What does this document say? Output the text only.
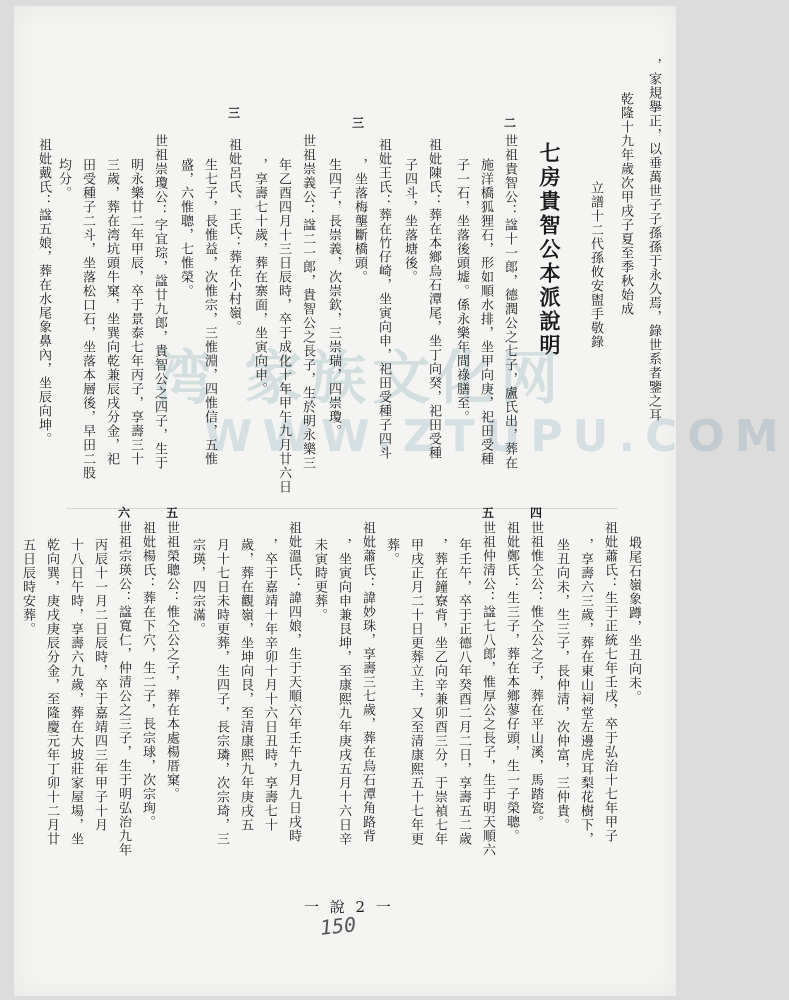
湾 家族文化网
WWW.ZTUPU.COM
，家規擧正，以垂萬世子子孫孫于永久焉，錄世系者鑒之耳
乾隆十九年歲次甲戌子夏至季秋始成
立譜十二代孫攸安盥手敬錄
七房貴智公本派說明
二
世祖貴智公：諡十一郎，德潤公之七子，盧氏出，葬在
施洋橋狐狸石，形如順水排，坐甲向庚，祀田受種
子一石，坐落後頭墟。係永樂年間祿膳至。
祖妣陳氏：葬在本鄉烏石潭尾，坐丁向癸，祀田受種
子四斗，坐落塘後。
祖妣王氏：葬在竹仔崎，坐寅向申，祀田受種子四斗
，坐落梅壟斷橋頭。
生四子，長崇義，次崇欽，三崇瑞，四崇瓊。
三
世祖崇義公：諡二一郎，貴智公之長子，生於明永樂三
年乙酉四月十三日辰時，卒于成化十年甲午九月廿六日
，享壽七十歲，葬在寨面，坐寅向申。
祖妣呂氏、王氏：葬在小村嶺。
生七子，長惟益，次惟宗，三惟淵，四惟信，五惟
盛，六惟聰，七惟榮。
三
世祖崇瓊公：字宜琮，諡廿九郎，貴智公之四子，生于
明永樂廿二年甲辰，卒于景泰七年丙子，享壽三十
三歲，葬在湾坑頭牛窠，坐巽向乾兼辰戌分金，祀
田受種子二斗，坐落松口石，坐落本層後，早田二股
均分。
祖妣戴氏：諡五娘，葬在水尾象鼻內，坐辰向坤。
塅尾石嶺象蹲，坐丑向未。
祖妣蕭氏：生于正統七年壬戌，卒于弘治十七年甲子
，享壽六三歲，葬在東山祠堂左邊虎耳梨花樹下，
坐丑向未，生三子，長仲清，次仲富，三仲貴。
四
世祖惟仝公：惟仝公之子，葬在平山溪，馬踏瓷。
祖妣鄭氏：生三子，葬在本鄉蓼仔頭，生一子榮聰。
五
世祖仲清公：諡七八郎，惟厚公之長子，生于明天順六
年壬午，卒于正德八年癸酉二月二日，享壽五二歲
，葬在鐘寮背，坐乙向辛兼卯酉三分，于崇禎七年
甲戌正月二十日更葬立主，又至清康熙五十七年更
葬。
祖妣蕭氏：諱妙珠，享壽三七歲，葬在烏石潭角路背
，坐寅向申兼艮坤，至康熙九年庚戌五月十六日辛
未寅時更葬。
祖妣溫氏：諱四娘，生于天順六年壬午九月九日戌時
，卒于嘉靖十年辛卯十月十六日丑時，享壽七十
歲，葬在觀嶺，坐坤向艮，至清康熙九年庚戌五
月十七日未時更葬，生四子，長宗璘，次宗琦，三
宗瑛，四宗滿。
五
世祖榮聰公：惟仝公之子，葬在本處楊厝窠。
祖妣楊氏：葬在下穴，生二子，長宗球，次宗珣。
六
世祖宗瑛公：諡寬仁，仲清公之三子，生于明弘治九年
丙辰十一月二日辰時，卒于嘉靖四三年甲子十月
十八日午時，享壽六九歲，葬在大坡莊家屋場，坐
乾向巽，庚戌庚辰分金，至隆慶元年丁卯十二月廿
五日辰時安葬。
一 說 2 一
150
